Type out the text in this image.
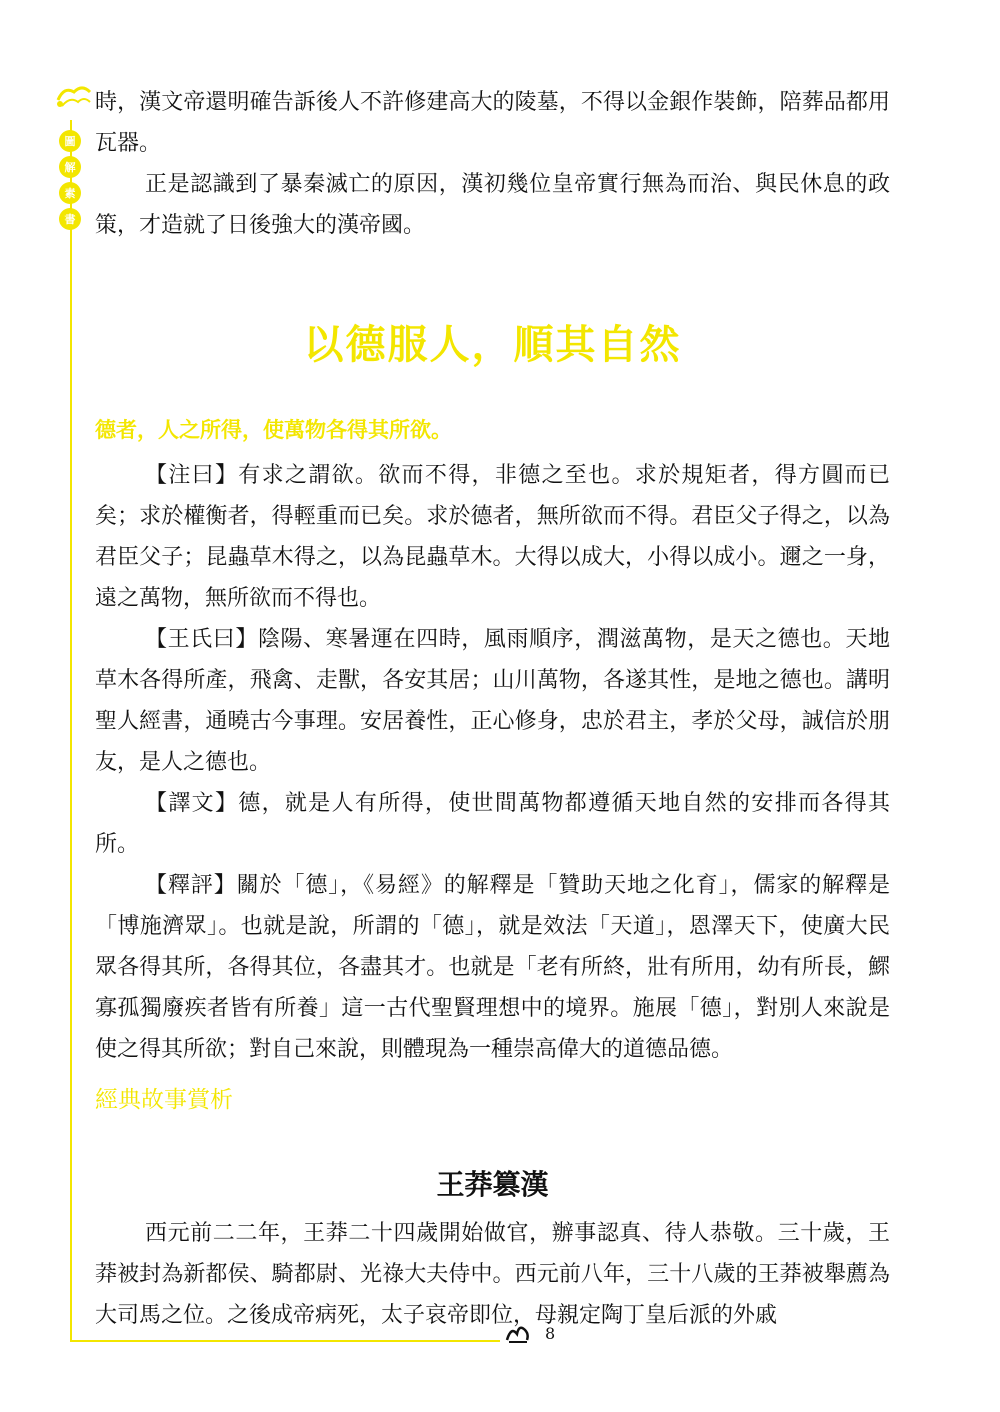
圖
解
素
書

時，漢文帝還明確告訴後人不許修建高大的陵墓，不得以金銀作裝飾，陪葬品都用瓦器。

正是認識到了暴秦滅亡的原因，漢初幾位皇帝實行無為而治、與民休息的政策，才造就了日後強大的漢帝國。

以德服人，順其自然

德者，人之所得，使萬物各得其所欲。

【注曰】有求之謂欲。欲而不得，非德之至也。求於規矩者，得方圓而已矣；求於權衡者，得輕重而已矣。求於德者，無所欲而不得。君臣父子得之，以為君臣父子；昆蟲草木得之，以為昆蟲草木。大得以成大，小得以成小。邇之一身，遠之萬物，無所欲而不得也。

【王氏曰】陰陽、寒暑運在四時，風雨順序，潤滋萬物，是天之德也。天地草木各得所產，飛禽、走獸，各安其居；山川萬物，各遂其性，是地之德也。講明聖人經書，通曉古今事理。安居養性，正心修身，忠於君主，孝於父母，誠信於朋友，是人之德也。

【譯文】德，就是人有所得，使世間萬物都遵循天地自然的安排而各得其所。

【釋評】關於「德」，《易經》的解釋是「贊助天地之化育」，儒家的解釋是「博施濟眾」。也就是說，所謂的「德」，就是效法「天道」，恩澤天下，使廣大民眾各得其所，各得其位，各盡其才。也就是「老有所終，壯有所用，幼有所長，鰥寡孤獨廢疾者皆有所養」這一古代聖賢理想中的境界。施展「德」，對別人來說是使之得其所欲；對自己來說，則體現為一種崇高偉大的道德品德。

經典故事賞析

王莽篡漢

西元前二二年，王莽二十四歲開始做官，辦事認真、待人恭敬。三十歲，王莽被封為新都侯、騎都尉、光祿大夫侍中。西元前八年，三十八歲的王莽被舉薦為大司馬之位。之後成帝病死，太子哀帝即位，母親定陶丁皇后派的外戚

8
